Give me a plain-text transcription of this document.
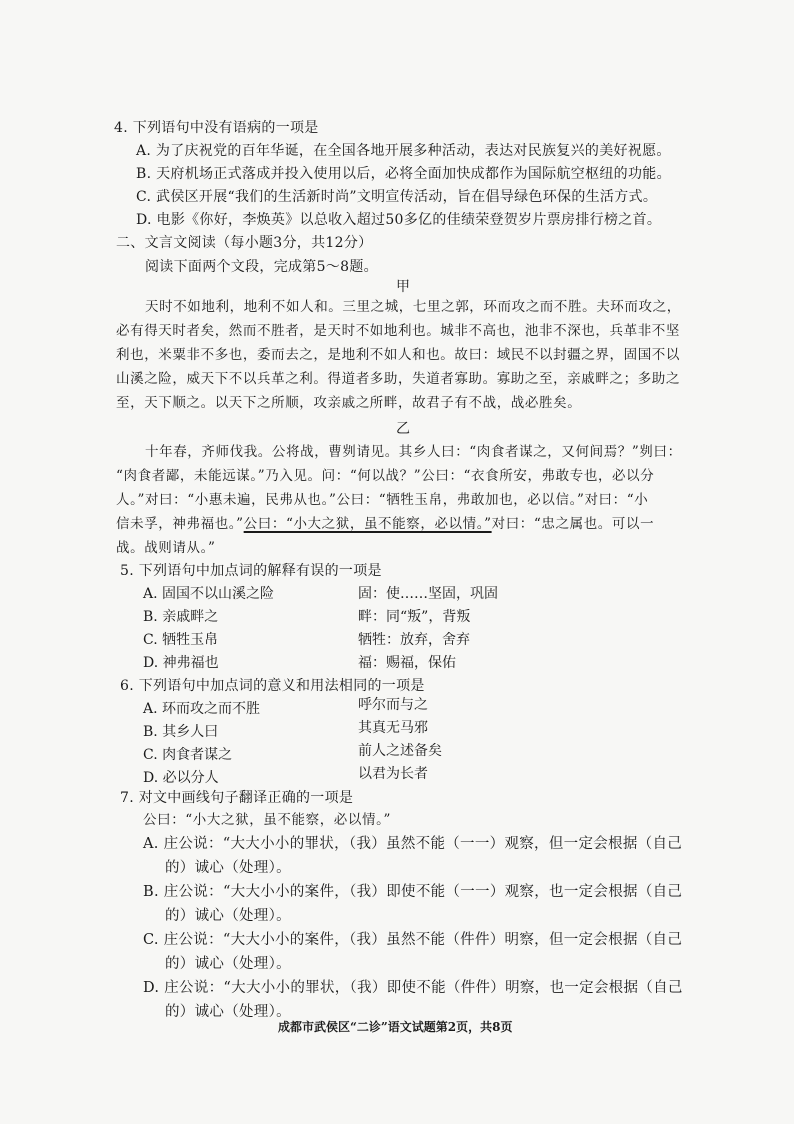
4. 下列语句中没有语病的一项是
A. 为了庆祝党的百年华诞，在全国各地开展多种活动，表达对民族复兴的美好祝愿。
B. 天府机场正式落成并投入使用以后，必将全面加快成都作为国际航空枢纽的功能。
C. 武侯区开展“我们的生活新时尚”文明宣传活动，旨在倡导绿色环保的生活方式。
D. 电影《你好，李焕英》以总收入超过50多亿的佳绩荣登贺岁片票房排行榜之首。
二、文言文阅读（每小题3分，共12分）
阅读下面两个文段，完成第5～8题。
甲
天时不如地利，地利不如人和。三里之城，七里之郭，环而攻之而不胜。夫环而攻之，
必有得天时者矣，然而不胜者，是天时不如地利也。城非不高也，池非不深也，兵革非不坚
利也，米粟非不多也，委而去之，是地利不如人和也。故曰：域民不以封疆之界，固国不以
山溪之险，威天下不以兵革之利。得道者多助，失道者寡助。寡助之至，亲戚畔之；多助之
至，天下顺之。以天下之所顺，攻亲戚之所畔，故君子有不战，战必胜矣。
乙
十年春，齐师伐我。公将战，曹刿请见。其乡人曰：“肉食者谋之，又何间焉？”刿曰：
“肉食者鄙，未能远谋。”乃入见。问：“何以战？”公曰：“衣食所安，弗敢专也，必以分
人。”对曰：“小惠未遍，民弗从也。”公曰：“牺牲玉帛，弗敢加也，必以信。”对曰：“小
信未孚，神弗福也。”公曰：“小大之狱，虽不能察，必以情。”对曰：“忠之属也。可以一
战。战则请从。”
5. 下列语句中加点词的解释有误的一项是
A. 固国不以山溪之险	固：使……坚固，巩固
B. 亲戚畔之	畔：同“叛”，背叛
C. 牺牲玉帛	牺牲：放弃，舍弃
D. 神弗福也	福：赐福，保佑
6. 下列语句中加点词的意义和用法相同的一项是
A. 环而攻之而不胜	呼尔而与之
B. 其乡人曰	其真无马邪
C. 肉食者谋之	前人之述备矣
D. 必以分人	以君为长者
7. 对文中画线句子翻译正确的一项是
公曰：“小大之狱，虽不能察，必以情。”
A. 庄公说：“大大小小的罪状，（我）虽然不能（一一）观察，但一定会根据（自己
的）诚心（处理）。
B. 庄公说：“大大小小的案件，（我）即使不能（一一）观察，也一定会根据（自己
的）诚心（处理）。
C. 庄公说：“大大小小的案件，（我）虽然不能（件件）明察，但一定会根据（自己
的）诚心（处理）。
D. 庄公说：“大大小小的罪状，（我）即使不能（件件）明察，也一定会根据（自己
的）诚心（处理）。
成都市武侯区“二诊”语文试题第2页，共8页
